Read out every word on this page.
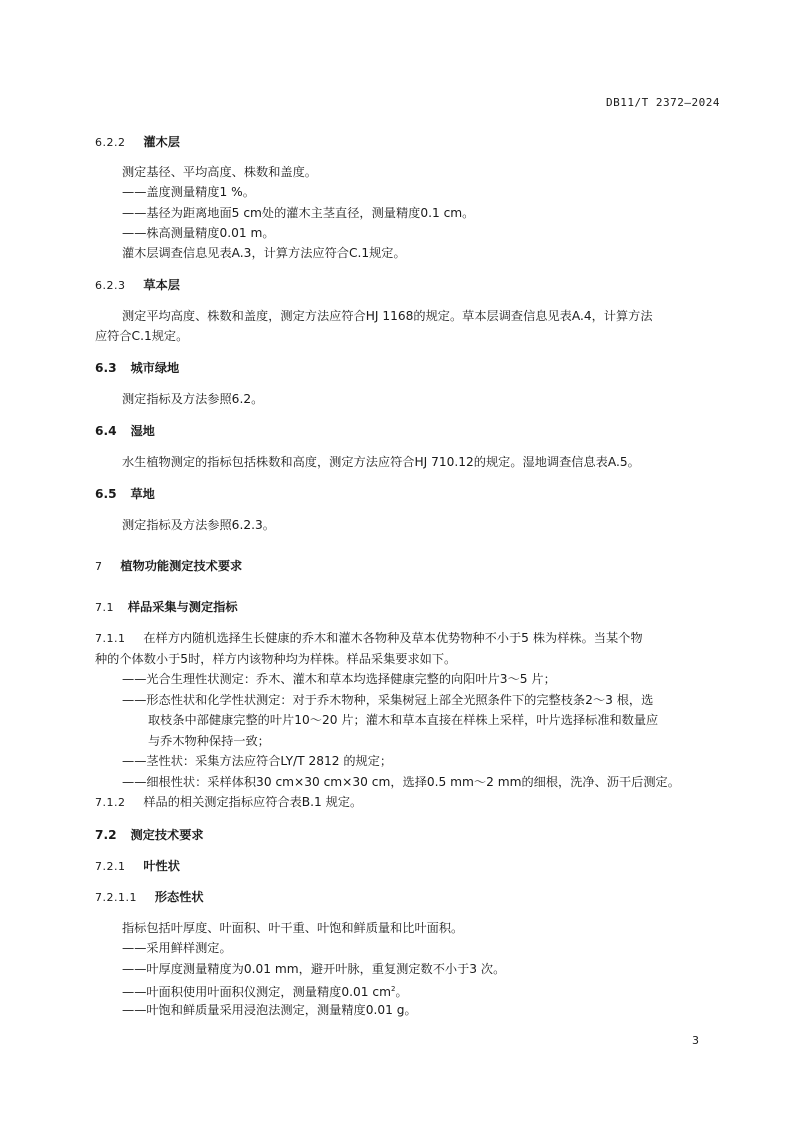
DB11/T 2372—2024
6.2.2 灌木层
测定基径、平均高度、株数和盖度。
——盖度测量精度1 %。
——基径为距离地面5 cm处的灌木主茎直径，测量精度0.1 cm。
——株高测量精度0.01 m。
灌木层调查信息见表A.3，计算方法应符合C.1规定。
6.2.3 草本层
测定平均高度、株数和盖度，测定方法应符合HJ 1168的规定。草本层调查信息见表A.4，计算方法
应符合C.1规定。
6.3 城市绿地
测定指标及方法参照6.2。
6.4 湿地
水生植物测定的指标包括株数和高度，测定方法应符合HJ 710.12的规定。湿地调查信息表A.5。
6.5 草地
测定指标及方法参照6.2.3。
7 植物功能测定技术要求
7.1 样品采集与测定指标
7.1.1 在样方内随机选择生长健康的乔木和灌木各物种及草本优势物种不小于5 株为样株。当某个物
种的个体数小于5时，样方内该物种均为样株。样品采集要求如下。
——光合生理性状测定：乔木、灌木和草本均选择健康完整的向阳叶片3～5 片；
——形态性状和化学性状测定：对于乔木物种，采集树冠上部全光照条件下的完整枝条2～3 根，选
取枝条中部健康完整的叶片10～20 片；灌木和草本直接在样株上采样，叶片选择标准和数量应
与乔木物种保持一致；
——茎性状：采集方法应符合LY/T 2812 的规定；
——细根性状：采样体积30 cm×30 cm×30 cm，选择0.5 mm～2 mm的细根，洗净、沥干后测定。
7.1.2 样品的相关测定指标应符合表B.1 规定。
7.2 测定技术要求
7.2.1 叶性状
7.2.1.1 形态性状
指标包括叶厚度、叶面积、叶干重、叶饱和鲜质量和比叶面积。
——采用鲜样测定。
——叶厚度测量精度为0.01 mm，避开叶脉，重复测定数不小于3 次。
——叶面积使用叶面积仪测定，测量精度0.01 $cm^2$。
——叶饱和鲜质量采用浸泡法测定，测量精度0.01 g。
3
